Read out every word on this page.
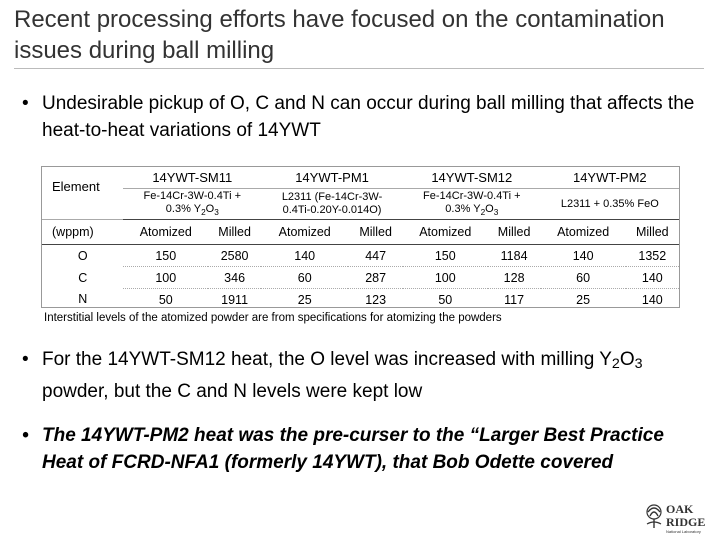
Recent processing efforts have focused on the contamination issues during ball milling
• Undesirable pickup of O, C and N can occur during ball milling that affects the heat-to-heat variations of 14YWT
Element	14YWT-SM11		14YWT-PM1		14YWT-SM12		14YWT-PM2	
	Fe-14Cr-3W-0.4Ti +
0.3% $Y_2O_3$		L2311 (Fe-14Cr-3W-
0.4Ti-0.20Y-0.014O)		Fe-14Cr-3W-0.4Ti +
0.3% $Y_2O_3$		L2311 + 0.35% FeO	
(wppm)	Atomized	Milled	Atomized	Milled	Atomized	Milled	Atomized	Milled
O	150	2580	140	447	150	1184	140	1352
C	100	346	60	287	100	128	60	140
N	50	1911	25	123	50	117	25	140
Interstitial levels of the atomized powder are from specifications for atomizing the powders
• For the 14YWT-SM12 heat, the O level was increased with milling $Y_2O_3$ powder, but the C and N levels were kept low
• The 14YWT-PM2 heat was the pre-curser to the “Larger Best Practice Heat of FCRD-NFA1 (formerly 14YWT), that Bob Odette covered
OAK
RIDGE
National Laboratory
